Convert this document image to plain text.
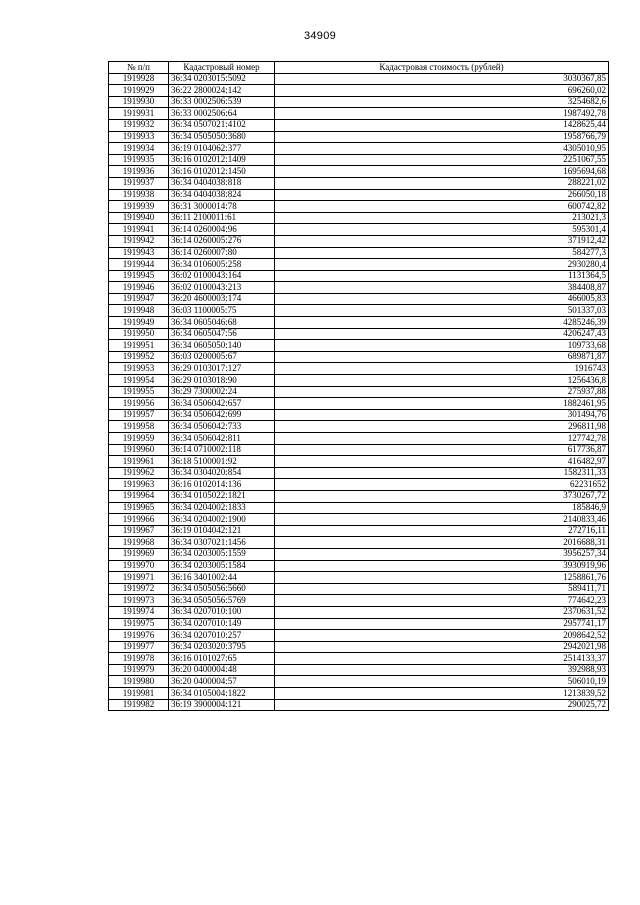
34909
№ п/п	Кадастровый номер	Кадастровая стоимость (рублей)
1919928	36:34 0203015:5092	3030367,85
1919929	36:22 2800024:142	696260,02
1919930	36:33 0002506:539	3254682,6
1919931	36:33 0002506:64	1987492,78
1919932	36:34 0507021:4102	1428625,44
1919933	36:34 0505050:3680	1958766,79
1919934	36:19 0104062:377	4305010,95
1919935	36:16 0102012:1409	2251067,55
1919936	36:16 0102012:1450	1695694,68
1919937	36:34 0404038:818	288221,02
1919938	36:34 0404038:824	266050,18
1919939	36:31 3000014:78	600742,82
1919940	36:11 2100011:61	213021,3
1919941	36:14 0260004:96	595301,4
1919942	36:14 0260005:276	371912,42
1919943	36:14 0260007:80	584277,3
1919944	36:34 0106005:258	2930280,4
1919945	36:02 0100043:164	1131364,5
1919946	36:02 0100043:213	384408,87
1919947	36:20 4600003:174	466005,83
1919948	36:03 1100005:75	501337,03
1919949	36:34 0605046:68	4285246,39
1919950	36:34 0605047:56	4206247,43
1919951	36:34 0605050:140	109733,68
1919952	36:03 0200005:67	689871,87
1919953	36:29 0103017:127	1916743
1919954	36:29 0103018:90	1256436,8
1919955	36:29 7300002:24	275937,88
1919956	36:34 0506042:657	1882461,95
1919957	36:34 0506042:699	301494,76
1919958	36:34 0506042:733	296811,98
1919959	36:34 0506042:811	127742,78
1919960	36:14 0710002:118	617736,87
1919961	36:18 5100001:92	416482,97
1919962	36:34 0304020:854	1582311,33
1919963	36:16 0102014:136	62231652
1919964	36:34 0105022:1821	3730267,72
1919965	36:34 0204002:1833	185846,9
1919966	36:34 0204002:1900	2140833,46
1919967	36:19 0104042:121	272716,11
1919968	36:34 0307021:1456	2016688,31
1919969	36:34 0203005:1559	3956257,34
1919970	36:34 0203005:1584	3930919,96
1919971	36:16 3401002:44	1258861,76
1919972	36:34 0505056:5660	589411,71
1919973	36:34 0505056:5769	774642,23
1919974	36:34 0207010:100	2370631,52
1919975	36:34 0207010:149	2957741,17
1919976	36:34 0207010:257	2098642,52
1919977	36:34 0203020:3795	2942021,98
1919978	36:16 0101027:65	2514133,37
1919979	36:20 0400004:48	392988,93
1919980	36:20 0400004:57	506010,19
1919981	36:34 0105004:1822	1213839,52
1919982	36:19 3900004:121	290025,72
